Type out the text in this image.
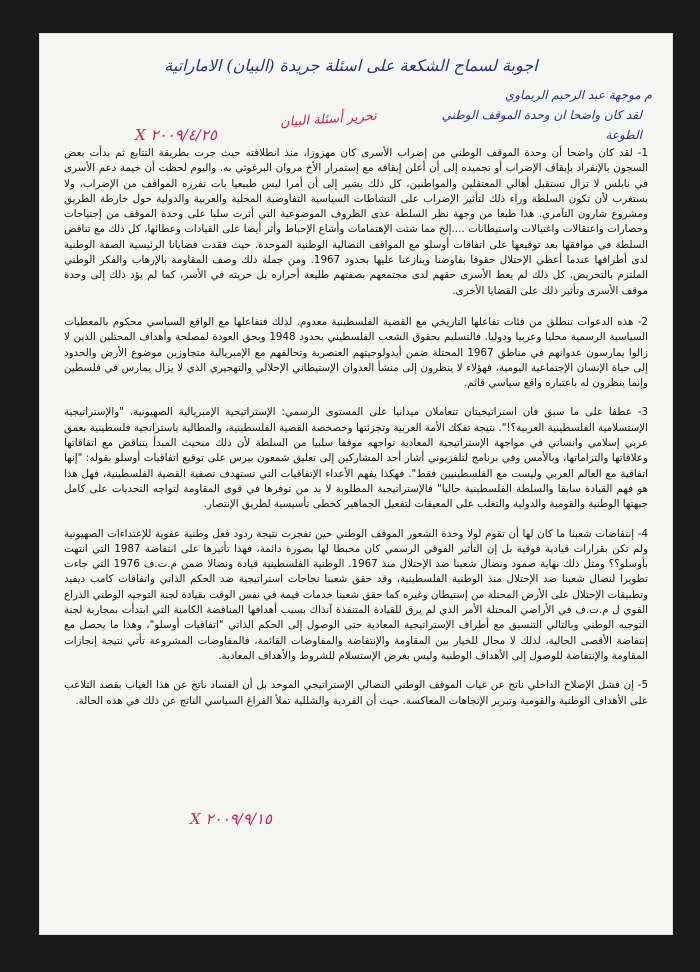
اجوبة لسماح الشكعة على اسئلة جريدة (البيان) الاماراتية
م موجهة عبد الرحيم الريماوي
لقد كان واضحا ان وحدة الموقف الوطني
الطوعة
تحرير أسئلة البيان
X ٢٠٠٩/٤/٢٥

1- لقد كان واضحا أن وحدة الموقف الوطني من إضراب الأسرى كان مهزوزا، منذ انطلاقته حيث جرت بطريقة التتابع ثم بدأت بعض السجون بالإنفراد بإيقاف الإضراب أو تجميده إلى أن أعلن إيقافه مع إستمرار الأخ مروان البرغوثي به. واليوم لحظت أن خيمة دعم الأسرى في نابلس لا تزال تستقبل أهالي المعتقلين والمواطنين، كل ذلك يشير إلى أن أمرا ليس طبيعيا بات تفرزه المواقف من الإضراب، ولا يستغرب لأن تكون السلطة وراء ذلك لتأثير الإضراب على النشاطات السياسية التفاوضية المحلية والعربية والدولية حول خارطة الطريق ومشروع شارون التآمري. هذا طبعا من وجهة نظر السلطة عدى الظروف الموضوعية التي أثرت سلبا على وحدة الموقف من إجتياحات وحصارات واعتقالات واغتيالات واستيطانات ....إلخ مما شتت الإهتمامات وأشاع الإحباط وأثر أيضا على القيادات وعطائها، كل ذلك مع تناقض السلطة في موافقها بعد توقيعها على اتفاقات أوسلو مع المواقف النضالية الوطنية الموحدة. حيث فقدت قضايانا الرئيسية الصفة الوطنية لدى أطرافها عندما أعطي الإحتلال حقوقا بفاوضنا وينازعنا عليها بحدود 1967. ومن جملة ذلك وصف المقاومة بالإرهاب والفكر الوطني الملتزم بالتحريض. كل ذلك لم يعط الأسرى حقهم لدى مجتمعهم بصفتهم طليعة أحراره بل حريته في الأسر، كما لم يؤد ذلك إلى وحدة موقف الأسرى وتأثير ذلك على القضايا الأخرى.

2- هذه الدعوات تنطلق من فئات تفاعلها التاريخي مع القضية الفلسطينية معدوم. لذلك فتفاعلها مع الواقع السياسي محكوم بالمعطيات السياسية الرسمية محليا وعربيا ودوليا. فالتسليم بحقوق الشعب الفلسطيني بحدود 1948 وبحق العودة لمصلحة وأهداف المحتلين الذين لا زالوا يمارسون عدوانهم في مناطق 1967 المحتلة ضمن أيدولوجيتهم العنصرية وتحالفهم مع الإمبريالية متجاوزين موضوع الأرض والحدود إلى حياة الإنسان الإجتماعية اليومية، فهؤلاء لا ينظرون إلى منشأ العدوان الإستيطاني الإحلالي والتهجيري الذي لا يزال يمارس في فلسطين وإنما ينظرون له باعتباره واقع سياسي قائم.

3- عطفا على ما سبق فان استراتيجيتان تتعاملان ميدانيا على المستوى الرسمي: الإستراتيجية الإمبريالية الصهيونية، "والإستراتيجية الإستسلامية الفلسطينية العربية؟!". نتيجة تفكك الأمة العربية وتجزئتها وخصخصة القضية الفلسطينية، والمطالبة باستراتجية فلسطينية بعمق عربي إسلامي وانساني في مواجهة الإستراتيجية المعادية تواجهه موقفا سلبيا من السلطة لأن ذلك منحيث المبدأ يتناقض مع اتفاقاتها وعلاقاتها والتزاماتها، وبالأمس وفي برنامج لتلفزيوني أشار أحد المشاركين إلى تعليق شمعون بيرس على توقيع اتفاقيات أوسلو بقوله: "إنها اتفاقية مع العالم العربي وليست مع الفلسطينيين فقط". فهكذا يفهم الأعداء الإتفاقيات التي تستهدف تصفية القضية الفلسطينية، فهل هذا هو فهم القيادة سابقا والسلطة الفلسطينية حاليا" فالإستراتيجية المطلوبة لا بد من توفرها في قوى المقاومة لتواجه التحديات على كامل جبهتها الوطنية والقومية والدولية والتغلب على المعيقات لتفعيل الجماهير كخطى تأسيسية لطريق الإنتصار.

4- إنتفاضات شعبنا ما كان لها أن تقوم لولا وحدة الشعور الموقف الوطني حين تفجرت نتيجة ردود فعل وطنية عفوية للإعتداءات الصهيونية ولم تكن بقرارات قيادية فوقية بل إن التأثير الفوقي الرسمي كان محبطا لها بصورة دائمة، فهذا تأثيرها على انتفاضة 1987 التي انتهت بأوسلو؟؟ ومثل ذلك نهاية صمود ونضال شعبنا ضد الإحتلال منذ 1967. الوطنية الفلسطينية قيادة ونضالا ضمن م.ت.ف 1976 التي جاءت تطويرا لنضال شعبنا ضد الإحتلال منذ الوطنية الفلسطينية، وقد حقق شعبنا نجاحات استراتيجية ضد الحكم الذاتي واتفاقات كامب ديفيد وتطبيقات الإحتلال على الأرض المحتلة من إستيطان وغيره كما حقق شعبنا خدمات قيمة في نفس الوقت بقيادة لجنة التوجيه الوطني الذراع القوي ل م.ت.ف في الأراضي المحتلة الأمر الذي لم يرق للقيادة المتنفذة آنذاك بسبب أهدافها المناقضة الكامنة التي ابتدأت بمحاربة لجنة التوجيه الوطني وبالتالي التنسيق مع أطراف الإستراتيجية المعادية حتى الوصول إلى الحكم الذاتي "اتفاقيات أوسلو"، وهذا ما يحصل مع إنتفاضة الأقصى الحالية، لذلك لا مجال للخيار بين المقاومة والإنتفاضة والمفاوضات القائمة، فالمفاوضات المشروعة تأتي نتيجة إنجازات المقاومة والإنتفاضة للوصول إلى الأهداف الوطنية وليس بغرض الإستسلام للشروط والأهداف المعادية.

5- إن فشل الإصلاح الداخلي ناتج عن غياب الموقف الوطني النضالي الإستراتيجي الموحد بل أن الفساد ناتج عن هذا الغياب بقصد التلاعب على الأهداف الوطنية والقومية وتبرير الإتجاهات المعاكسة. حيث أن الفردية والشللية تملأ الفراغ السياسي الناتج عن ذلك في هذه الحالة.

X ٢٠٠٩/٩/١٥
